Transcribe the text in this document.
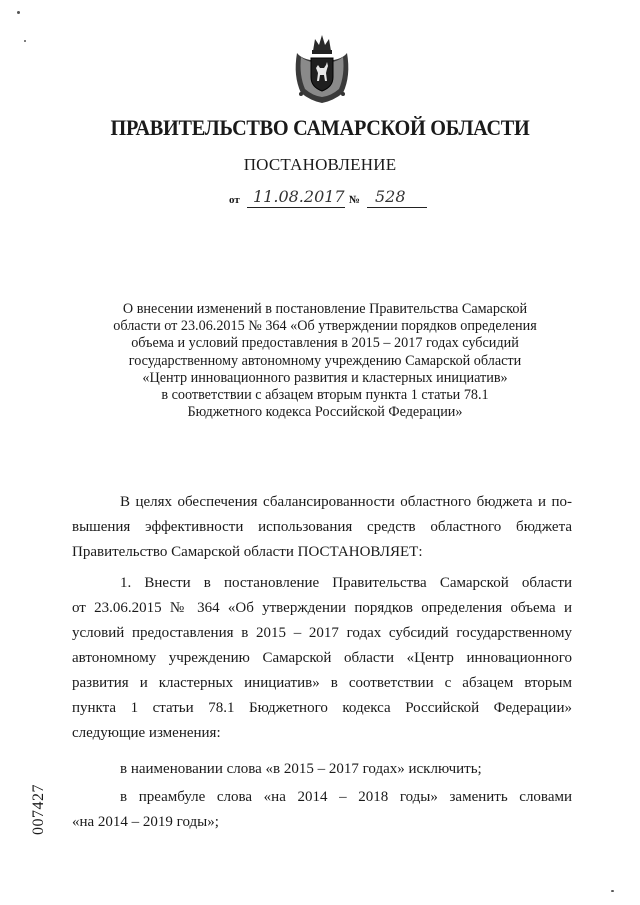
ПРАВИТЕЛЬСТВО САМАРСКОЙ ОБЛАСТИ
ПОСТАНОВЛЕНИЕ
от 11.08.2017 № 528
О внесении изменений в постановление Правительства Самарской
области от 23.06.2015 № 364 «Об утверждении порядков определения
объема и условий предоставления в 2015 – 2017 годах субсидий
государственному автономному учреждению Самарской области
«Центр инновационного развития и кластерных инициатив»
в соответствии с абзацем вторым пункта 1 статьи 78.1
Бюджетного кодекса Российской Федерации»
В целях обеспечения сбалансированности областного бюджета и по-
вышения эффективности использования средств областного бюджета
Правительство Самарской области ПОСТАНОВЛЯЕТ:
1. Внести в постановление Правительства Самарской области
от 23.06.2015 № 364 «Об утверждении порядков определения объема и
условий предоставления в 2015 – 2017 годах субсидий государственному
автономному учреждению Самарской области «Центр инновационного
развития и кластерных инициатив» в соответствии с абзацем вторым
пункта 1 статьи 78.1 Бюджетного кодекса Российской Федерации»
следующие изменения:
в наименовании слова «в 2015 – 2017 годах» исключить;
в преамбуле слова «на 2014 – 2018 годы» заменить словами
«на 2014 – 2019 годы»;
007427
